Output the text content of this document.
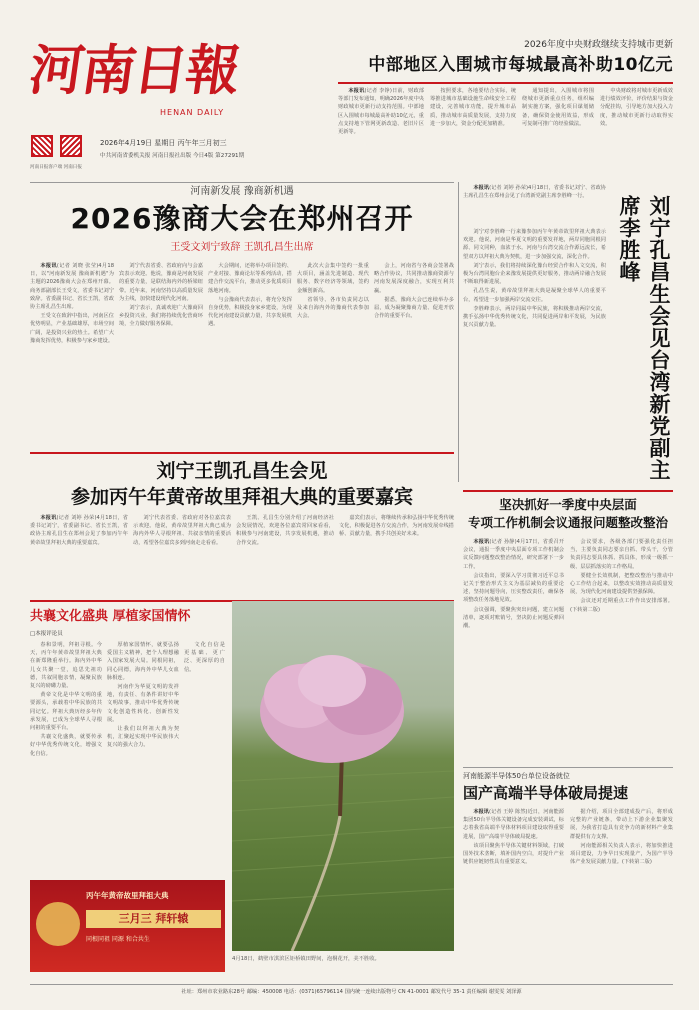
河南日報
HENAN DAILY
河南日报客户端 河南日报
2026年4月19日 星期日 丙午年三月初三
中共河南省委机关报 河南日报社出版 今日4版 第27291期
2026年度中央财政继续支持城市更新
中部地区入围城市每城最高补助10亿元

本报讯(记者 李铮)日前，财政部等部门发布通知，明确2026年度中央财政城市更新行动支持范围。中部地区入围城市每城最高补助10亿元，重点支持地下管网更新改造、老旧片区更新等。

按照要求，各地要结合实际，统筹推进城市基础设施生命线安全工程建设，完善城市功能，提升城市品质，推动城市高质量发展，支持力度进一步加大，资金分配更加精准。

通知提出，入围城市将围绕城市更新重点任务，组织编制实施方案，强化项目谋划储备，确保资金使用效益，形成可复制可推广的经验做法。

中央财政将对城市更新成效进行绩效评价，评价结果与资金分配挂钩，引导地方加大投入力度，推动城市更新行动取得实效。

河南新发展 豫商新机遇
2026豫商大会在郑州召开
王受文刘宁致辞 王凯孔昌生出席

本报讯(记者 刘晓 张莹)4月18日，以"河南新发展 豫商新机遇"为主题的2026豫商大会在郑州开幕。商务部副部长王受文，省委书记刘宁致辞。省委副书记、省长王凯，省政协主席孔昌生出席。

王受文在致辞中指出，河南区位优势明显，产业基础雄厚，市场空间广阔，是投资兴业的热土。希望广大豫商发挥优势，积极参与家乡建设。

刘宁代表省委、省政府向与会嘉宾表示欢迎。他说，豫商是河南发展的重要力量，是联结海内外的桥梁纽带。近年来，河南坚持以高质量发展为主线，加快建设现代化河南。

刘宁表示，真诚欢迎广大豫商回乡投资兴业，我们将持续优化营商环境，全力做好服务保障。

大会期间，还将举办项目签约、产业对接、豫商论坛等系列活动，搭建合作交流平台，推动更多优质项目落地河南。

与会豫商代表表示，将充分发挥自身优势，积极投身家乡建设，为现代化河南建设贡献力量，共享发展机遇。

此次大会集中签约一批重大项目，涵盖先进制造、现代服务、数字经济等领域，签约金额创新高。

省领导、各市负责同志以及来自海内外的豫商代表参加大会。

会上，河南省与各商会签署战略合作协议，共同推动豫商资源与河南发展深度融合，实现互利共赢。

据悉，豫商大会已连续举办多届，成为凝聚豫商力量、促进开放合作的重要平台。

本报讯(记者 刘婷 孙荣)4月18日，省委书记刘宁、省政协主席孔昌生在郑州会见了台湾新党副主席李胜峰一行。	刘宁孔昌生会见台湾新党副主席李胜峰

刘宁对李胜峰一行来豫参加丙午年黄帝故里拜祖大典表示欢迎。他说，河南是华夏文明的重要发祥地，两岸同胞同根同源、同文同种，血浓于水。河南与台湾交流合作源远流长，希望双方以拜祖大典为契机，进一步加强交流，深化合作。

刘宁表示，我们将持续深化豫台经贸合作和人文交流，积极为台湾同胞台企来豫发展提供更好服务，推动两岸融合发展不断取得新进展。

孔昌生说，黄帝故里拜祖大典是凝聚全球华人的重要平台，希望进一步加强两岸交流交往。

李胜峰表示，两岸同属中华民族，将积极推动两岸交流，携手弘扬中华优秀传统文化，共同促进两岸和平发展，为民族复兴贡献力量。

刘宁王凯孔昌生会见
参加丙午年黄帝故里拜祖大典的重要嘉宾

本报讯(记者 刘婷 孙荣)4月18日，省委书记刘宁，省委副书记、省长王凯，省政协主席孔昌生在郑州会见了参加丙午年黄帝故里拜祖大典的重要嘉宾。

刘宁代表省委、省政府对各位嘉宾表示欢迎。他说，黄帝故里拜祖大典已成为海内外华人寻根拜祖、共叙亲情的重要活动，希望各位嘉宾多到河南走走看看。

王凯、孔昌生分别介绍了河南经济社会发展情况，欢迎各位嘉宾常回家看看，积极参与河南建设，共享发展机遇，推动合作交流。

嘉宾们表示，将继续传承和弘扬中华优秀传统文化，积极促进各方交流合作，为河南发展牵线搭桥、贡献力量，携手共创美好未来。

坚决抓好一季度中央层面
专项工作机制会议通报问题整改整治

本报讯(记者 孙静)4月17日，省委召开会议，通报一季度中央层面专项工作机制会议反馈问题整改整治情况，研究部署下一步工作。

会议指出，要深入学习贯彻习近平总书记关于整治形式主义为基层减负的重要论述，坚持问题导向，压实整改责任，确保各项整改任务落地见效。

会议强调，要聚焦突出问题，建立问题清单，逐项对账销号，坚决防止问题反弹回潮。

会议要求，各级各部门要强化责任担当，主要负责同志要亲自抓、带头干，分管负责同志要具体抓、抓具体，形成一级抓一级、层层抓落实的工作格局。

要健全长效机制，把整改整治与推动中心工作结合起来，以整改实效推动高质量发展，为现代化河南建设提供坚强保障。

会议还对近期重点工作作出安排部署。(下转第二版)

河南能源半导体50台单位设备就位
国产高端半导体破局提速

本报讯(记者 王婷 陈然)近日，河南能源集团50台半导体关键设备完成安装调试，标志着我省高端半导体材料项目建设取得重要进展，国产高端半导体破局提速。

该项目聚焦半导体关键材料领域，打破国外技术垄断，填补国内空白，对提升产业链供应链韧性具有重要意义。

据介绍，项目全部建成投产后，将形成完整的产业链条，带动上下游企业集聚发展，为我省打造具有竞争力的新材料产业集群提供有力支撑。

河南能源相关负责人表示，将加快推进项目建设，力争早日实现量产，为国产半导体产业发展贡献力量。(下转第二版)

共襄文化盛典 厚植家国情怀
□本报评论员

春和景明，拜祖寻根。今天，丙午年黄帝故里拜祖大典在新郑隆重举行。海内外中华儿女共聚一堂，追思先祖功德，共叙同胞亲情，凝聚民族复兴的磅礴力量。

黄帝文化是中华文明的重要源头，承载着中华民族的共同记忆。拜祖大典历经多年传承发展，已成为全球华人寻根问祖的重要平台。

共襄文化盛典，就要传承好中华优秀传统文化，增强文化自信。

厚植家国情怀，就要弘扬爱国主义精神，把个人理想融入国家发展大局。同根同祖，同心同德，海内外中华儿女血脉相连。

河南作为华夏文明的发祥地，有责任、有条件讲好中华文明故事，推动中华优秀传统文化创造性转化、创新性发展。

让我们以拜祖大典为契机，汇聚起实现中华民族伟大复兴的强大合力。

文化自信是更基础、更广泛、更深厚的自信。

丙午年黄帝故里拜祖大典
三月三 拜轩辕
同根同祖 同源 和合共生
4月18日，鹤壁市淇滨区钜桥镇田野间，泡桐花开，美不胜收。
社址：郑州市农业路东28号 邮编：450008 电话：(0371)65796114 国内统一连续出版物号 CN 41-0001 邮发代号 35-1 责任编辑 谢雯雯 刘泽源
